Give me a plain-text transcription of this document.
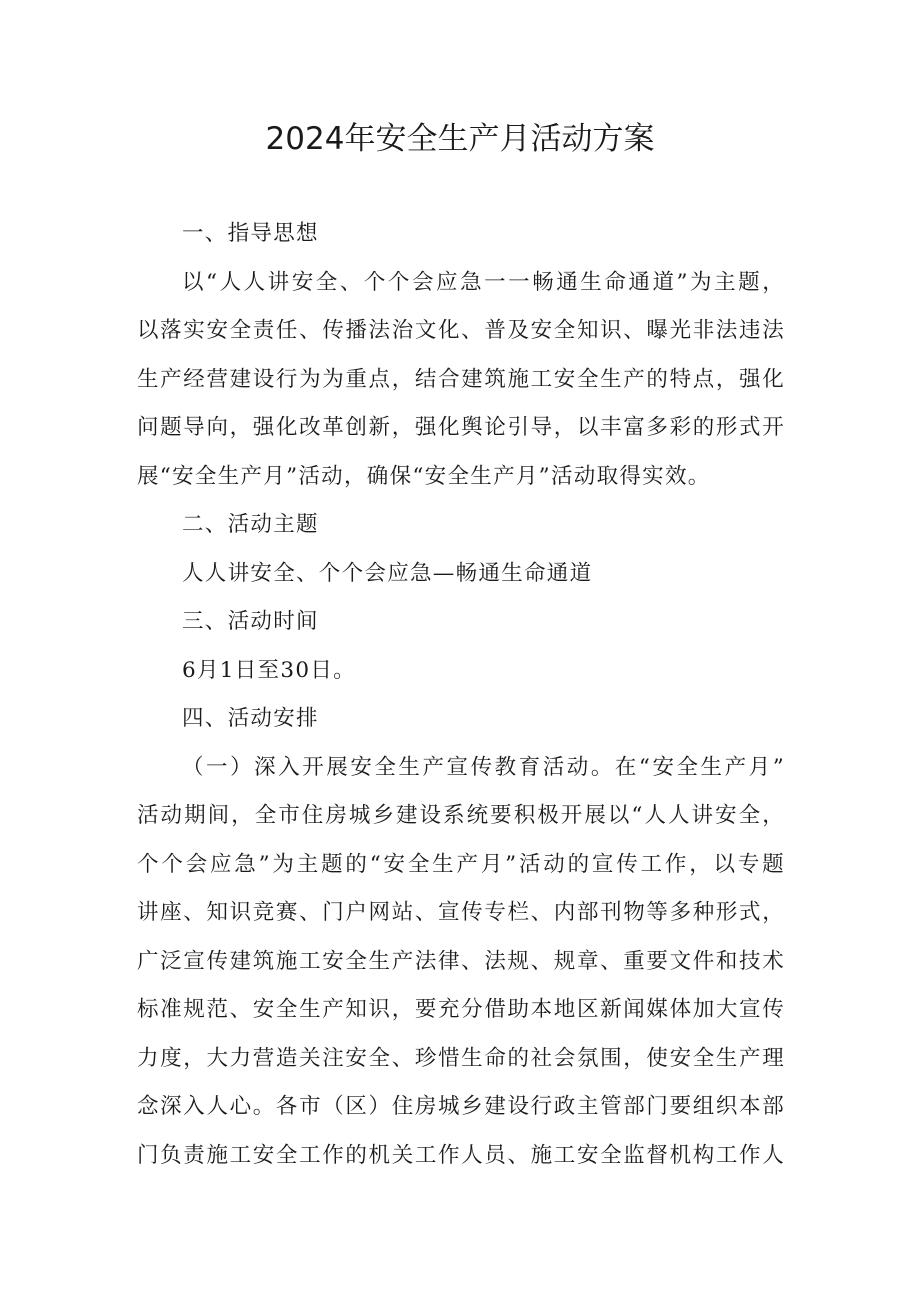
2024年安全生产月活动方案

一、指导思想

以“人人讲安全、个个会应急一一畅通生命通道”为主题，
以落实安全责任、传播法治文化、普及安全知识、曝光非法违法
生产经营建设行为为重点，结合建筑施工安全生产的特点，强化
问题导向，强化改革创新，强化舆论引导，以丰富多彩的形式开
展“安全生产月”活动，确保“安全生产月”活动取得实效。

二、活动主题

人人讲安全、个个会应急—畅通生命通道

三、活动时间

6月1日至30日。

四、活动安排

（一）深入开展安全生产宣传教育活动。在“安全生产月”
活动期间，全市住房城乡建设系统要积极开展以“人人讲安全，
个个会应急”为主题的“安全生产月”活动的宣传工作，以专题
讲座、知识竞赛、门户网站、宣传专栏、内部刊物等多种形式，
广泛宣传建筑施工安全生产法律、法规、规章、重要文件和技术
标准规范、安全生产知识，要充分借助本地区新闻媒体加大宣传
力度，大力营造关注安全、珍惜生命的社会氛围，使安全生产理
念深入人心。各市（区）住房城乡建设行政主管部门要组织本部
门负责施工安全工作的机关工作人员、施工安全监督机构工作人
